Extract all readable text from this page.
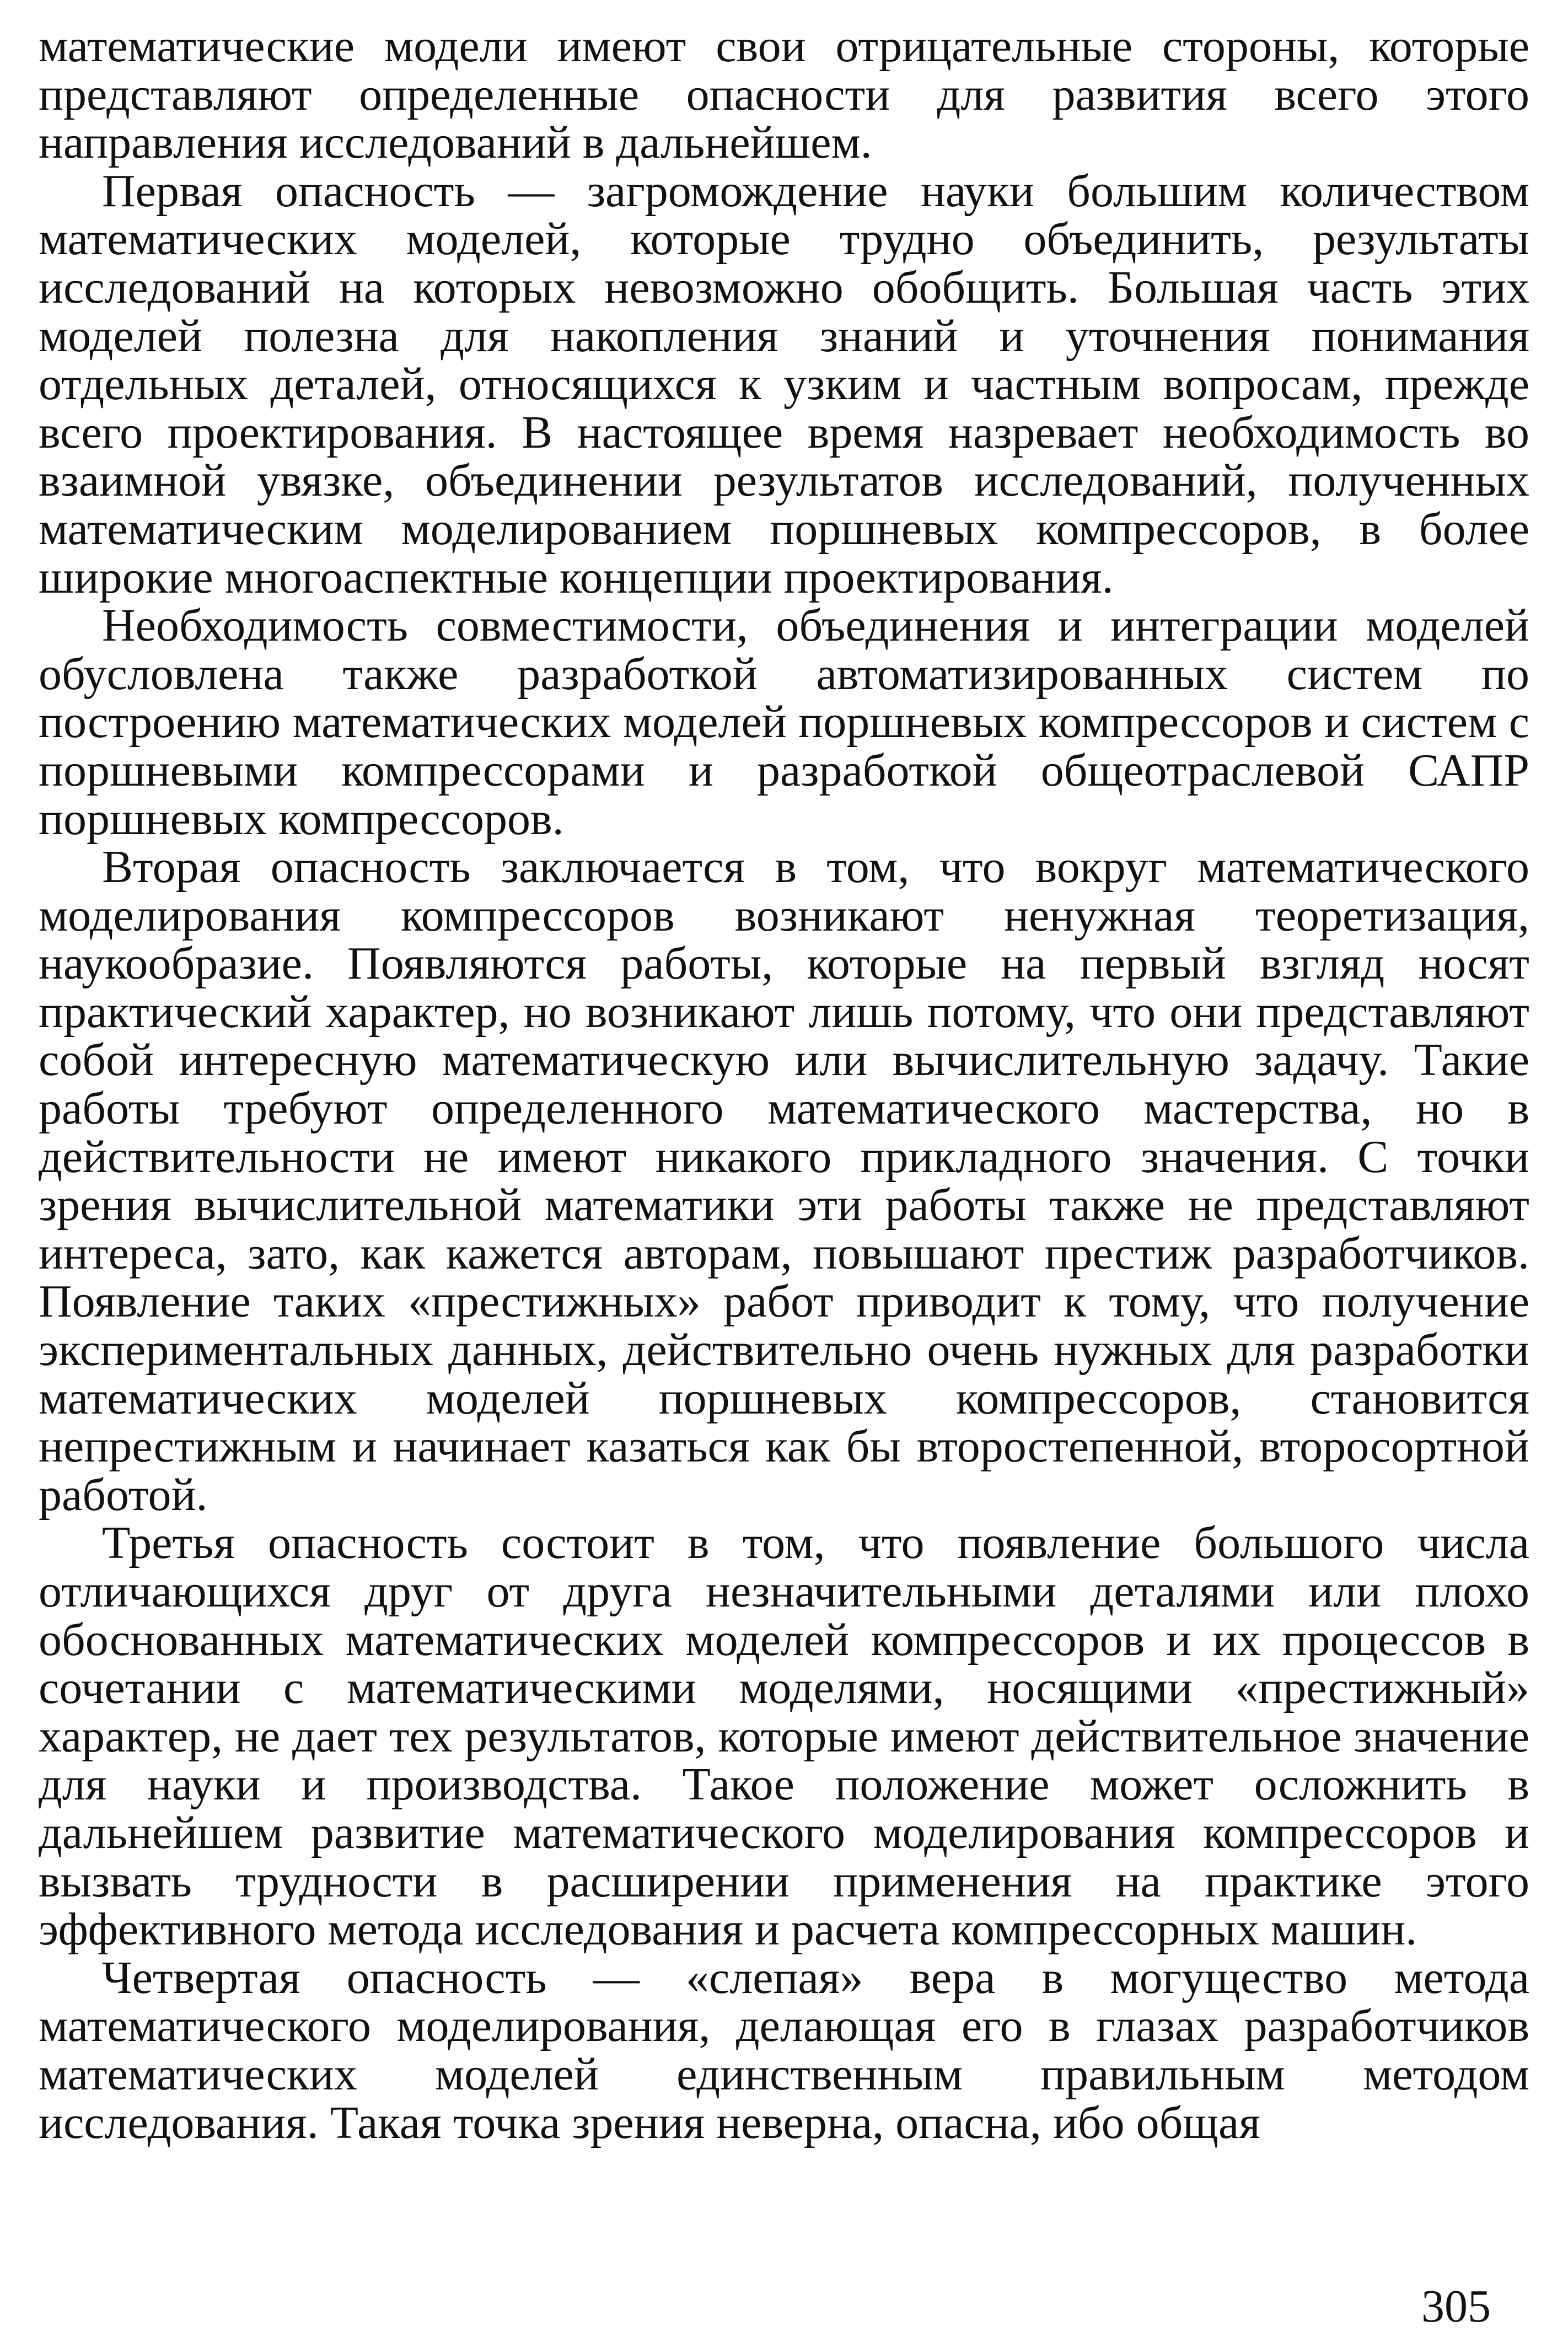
математические модели имеют свои отрицательные стороны, которые представляют определенные опасности для развития всего этого направления исследований в дальнейшем.

Первая опасность — загромождение науки большим количеством математических моделей, которые трудно объединить, результаты исследований на которых невозможно обобщить. Большая часть этих моделей полезна для накопления знаний и уточнения понимания отдельных деталей, относящихся к узким и частным вопросам, прежде всего проектирования. В настоящее время назревает необходимость во взаимной увязке, объединении результатов исследований, полученных математическим моделированием поршневых компрессоров, в более широкие многоаспектные концепции проектирования.

Необходимость совместимости, объединения и интеграции моделей обусловлена также разработкой автоматизированных систем по построению математических моделей поршневых компрессоров и систем с поршневыми компрессорами и разработкой общеотраслевой САПР поршневых компрессоров.

Вторая опасность заключается в том, что вокруг математического моделирования компрессоров возникают ненужная теоретизация, наукообразие. Появляются работы, которые на первый взгляд носят практический характер, но возникают лишь потому, что они представляют собой интересную математическую или вычислительную задачу. Такие работы требуют определенного математического мастерства, но в действительности не имеют никакого прикладного значения. С точки зрения вычислительной математики эти работы также не представляют интереса, зато, как кажется авторам, повышают престиж разработчиков. Появление таких «престижных» работ приводит к тому, что получение экспериментальных данных, действительно очень нужных для разработки математических моделей поршневых компрессоров, становится непрестижным и начинает казаться как бы второстепенной, второсортной работой.

Третья опасность состоит в том, что появление большого числа отличающихся друг от друга незначительными деталями или плохо обоснованных математических моделей компрессоров и их процессов в сочетании с математическими моделями, носящими «престижный» характер, не дает тех результатов, которые имеют действительное значение для науки и производства. Такое положение может осложнить в дальнейшем развитие математического моделирования компрессоров и вызвать трудности в расширении применения на практике этого эффективного метода исследования и расчета компрессорных машин.

Четвертая опасность — «слепая» вера в могущество метода математического моделирования, делающая его в глазах разработчиков математических моделей единственным правильным методом исследования. Такая точка зрения неверна, опасна, ибо общая

305
